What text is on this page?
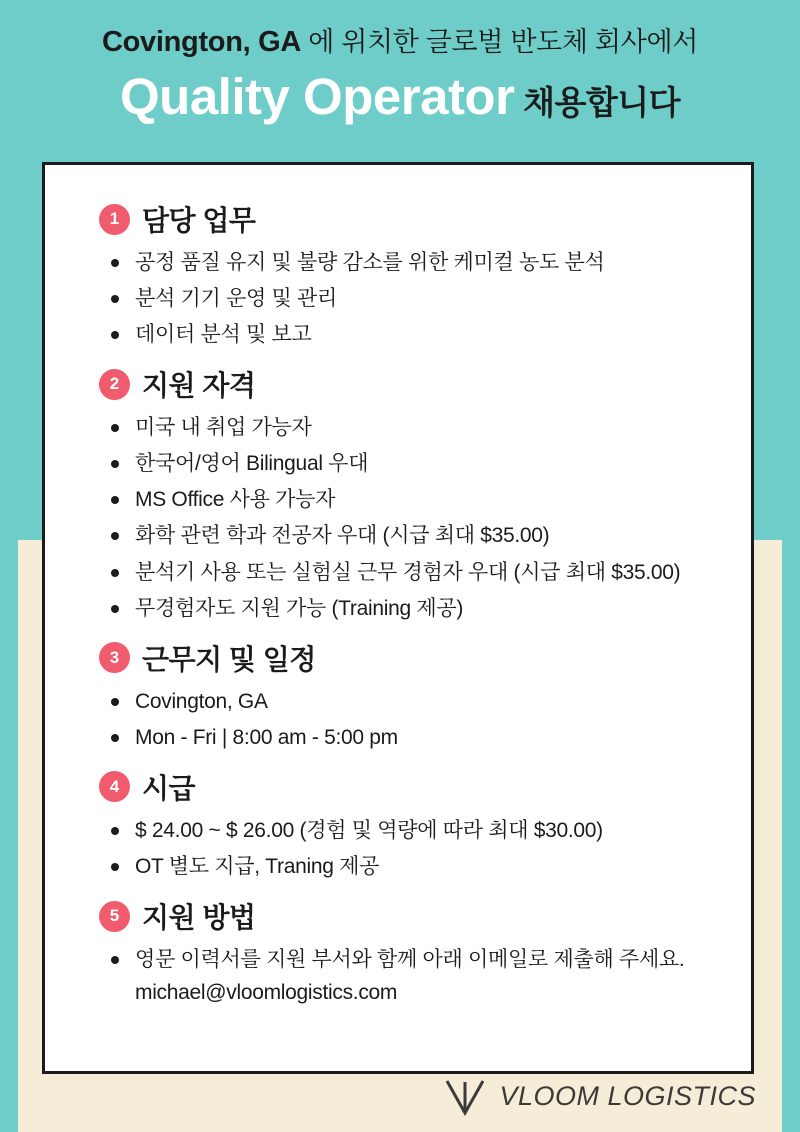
Covington, GA 에 위치한 글로벌 반도체 회사에서
Quality Operator 채용합니다
1 담당 업무
공정 품질 유지 및 불량 감소를 위한 케미컬 농도 분석
분석 기기 운영 및 관리
데이터 분석 및 보고
2 지원 자격
미국 내 취업 가능자
한국어/영어 Bilingual 우대
MS Office 사용 가능자
화학 관련 학과 전공자 우대 (시급 최대 $35.00)
분석기 사용 또는 실험실 근무 경험자 우대 (시급 최대 $35.00)
무경험자도 지원 가능 (Training 제공)
3 근무지 및 일정
Covington, GA
Mon - Fri | 8:00 am - 5:00 pm
4 시급
$ 24.00 ~ $ 26.00 (경험 및 역량에 따라 최대 $30.00)
OT 별도 지급, Traning 제공
5 지원 방법
영문 이력서를 지원 부서와 함께 아래 이메일로 제출해 주세요.
michael@vloomlogistics.com
VLOOM LOGISTICS
